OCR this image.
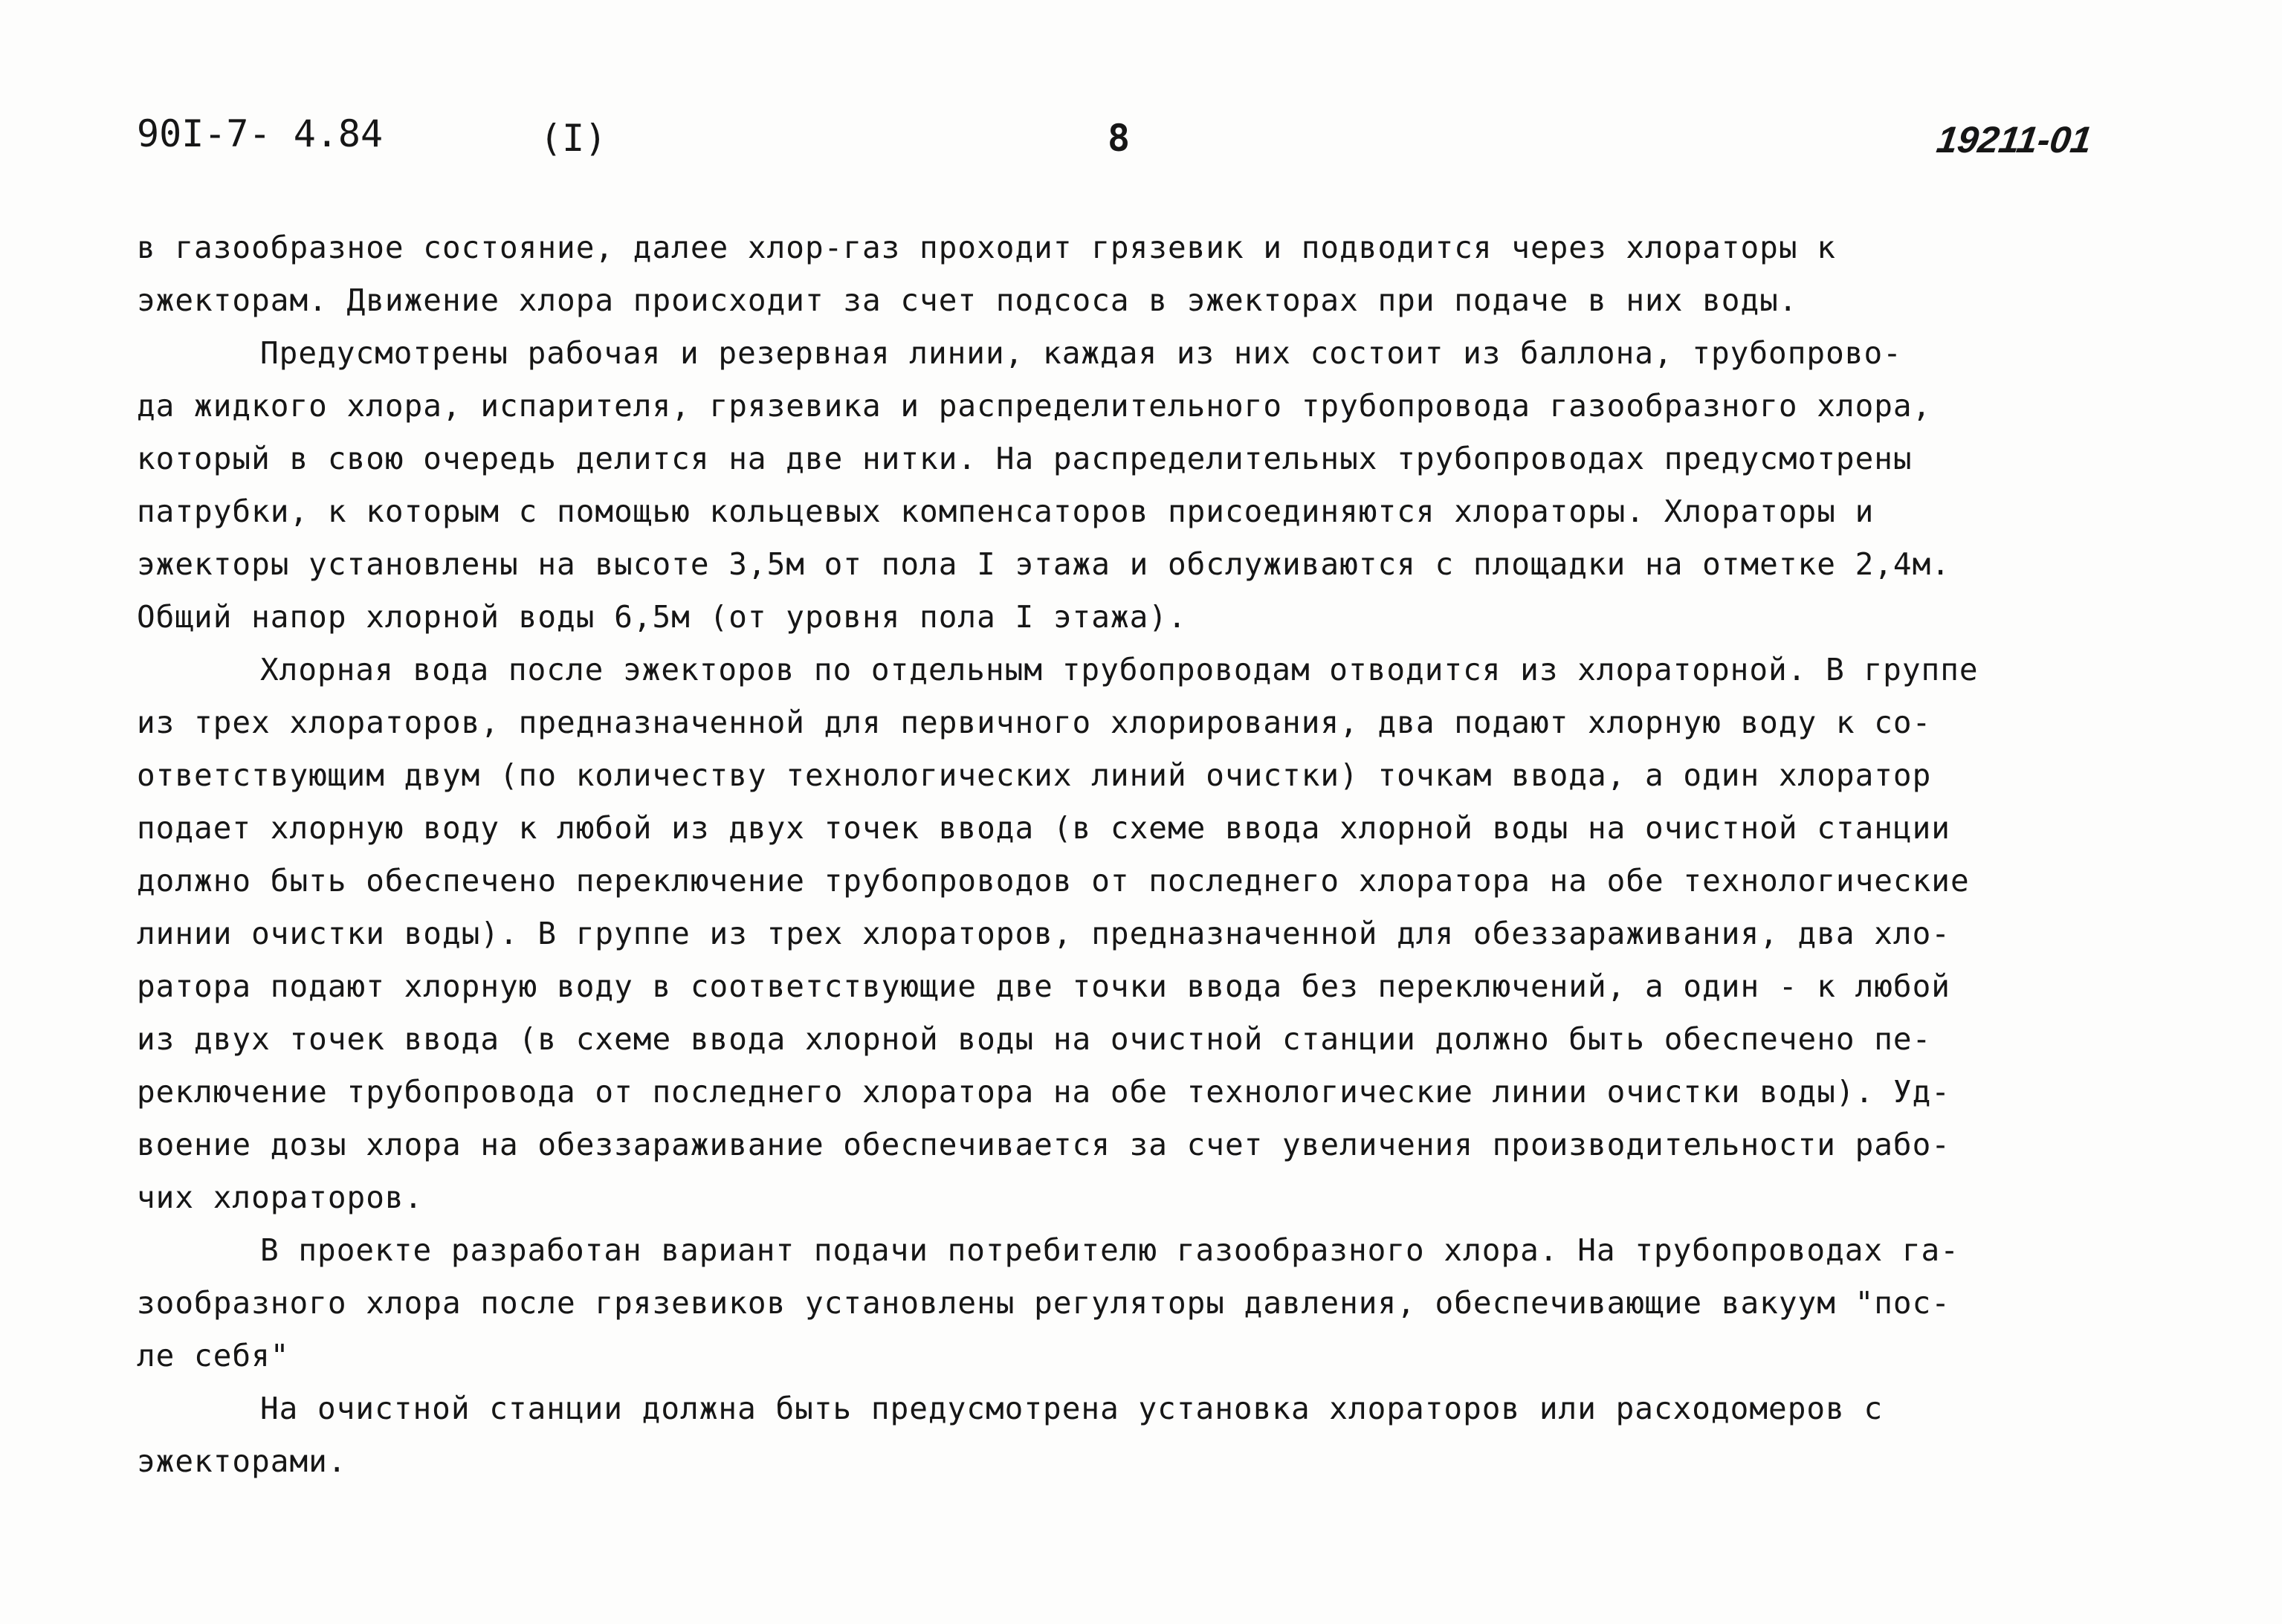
90I-7- 4.84	(I)	8	19211-01

в газообразное состояние, далее хлор-газ проходит грязевик и подводится через хлораторы к
эжекторам. Движение хлора происходит за счет подсоса в эжекторах при подаче в них воды.

Предусмотрены рабочая и резервная линии, каждая из них состоит из баллона, трубопрово-
да жидкого хлора, испарителя, грязевика и распределительного трубопровода газообразного хлора,
который в свою очередь делится на две нитки. На распределительных трубопроводах предусмотрены
патрубки, к которым с помощью кольцевых компенсаторов присоединяются хлораторы. Хлораторы и
эжекторы установлены на высоте 3,5м от пола I этажа и обслуживаются с площадки на отметке 2,4м.
Общий напор хлорной воды 6,5м (от уровня пола I этажа).

Хлорная вода после эжекторов по отдельным трубопроводам отводится из хлораторной. В группе
из трех хлораторов, предназначенной для первичного хлорирования, два подают хлорную воду к со-
ответствующим двум (по количеству технологических линий очистки) точкам ввода, а один хлоратор
подает хлорную воду к любой из двух точек ввода (в схеме ввода хлорной воды на очистной станции
должно быть обеспечено переключение трубопроводов от последнего хлоратора на обе технологические
линии очистки воды). В группе из трех хлораторов, предназначенной для обеззараживания, два хло-
ратора подают хлорную воду в соответствующие две точки ввода без переключений, а один - к любой
из двух точек ввода (в схеме ввода хлорной воды на очистной станции должно быть обеспечено пе-
реключение трубопровода от последнего хлоратора на обе технологические линии очистки воды). Уд-
воение дозы хлора на обеззараживание обеспечивается за счет увеличения производительности рабо-
чих хлораторов.

В проекте разработан вариант подачи потребителю газообразного хлора. На трубопроводах га-
зообразного хлора после грязевиков установлены регуляторы давления, обеспечивающие вакуум "пос-
ле себя"

На очистной станции должна быть предусмотрена установка хлораторов или расходомеров с
эжекторами.
